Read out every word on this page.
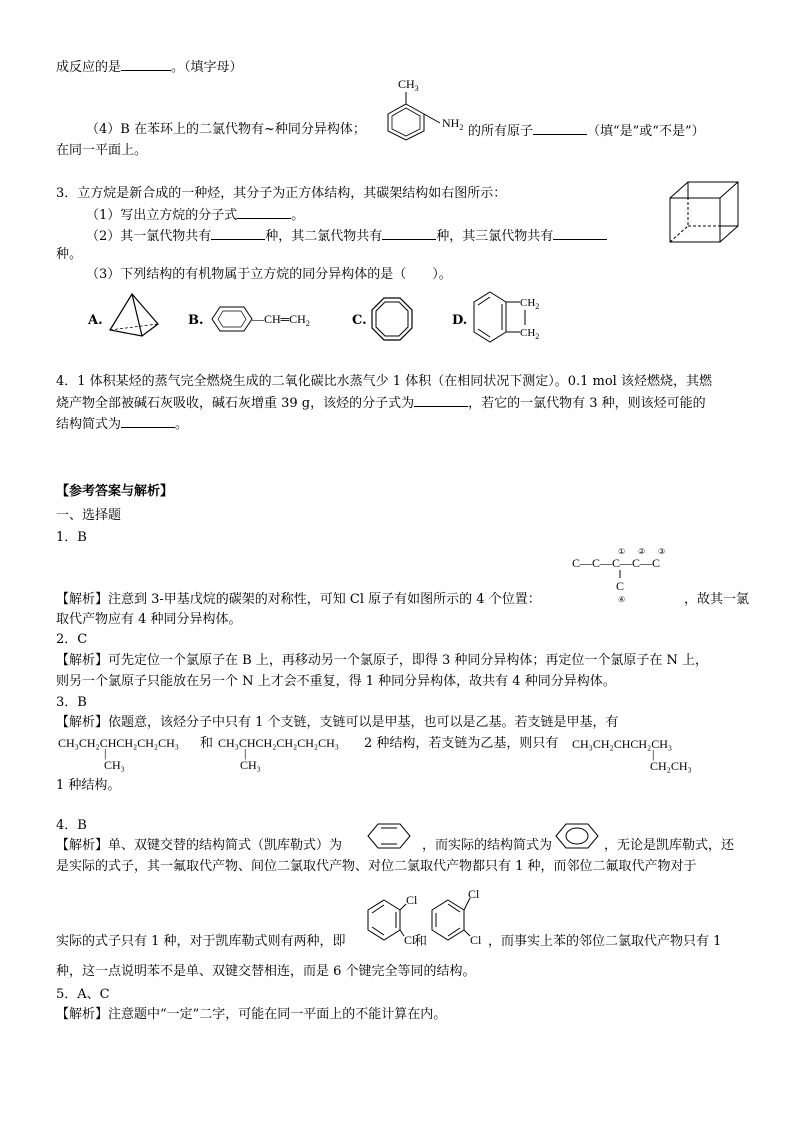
成反应的是	。（填字母）
$CH_3$
$NH_2$
（4）B 在苯环上的二氯代物有~种同分异构体；	的所有原子	（填“是”或“不是”）
在同一平面上。
3．立方烷是新合成的一种烃，其分子为正方体结构，其碳架结构如右图所示：
（1）写出立方烷的分子式	。
（2）其一氯代物共有	种，其二氯代物共有	种，其三氯代物共有
种。
（3）下列结构的有机物属于立方烷的同分异构体的是（　　）。
A.	B.	$—CH═CH_2$	C.	D.
$CH_2$
$CH_2$
4．1 体积某烃的蒸气完全燃烧生成的二氧化碳比水蒸气少 1 体积（在相同状况下测定）。0.1 mol 该烃燃烧，其燃
烧产物全部被碱石灰吸收，碱石灰增重 39 g，该烃的分子式为	，若它的一氯代物有 3 种，则该烃可能的
结构简式为	。
【参考答案与解析】
一、选择题
1．B
① ② ③
C—C—C—C—C
C
④
【解析】注意到 3-甲基戊烷的碳架的对称性，可知 Cl 原子有如图所示的 4 个位置：	，故其一氯
取代产物应有 4 种同分异构体。
2．C
【解析】可先定位一个氯原子在 B 上，再移动另一个氯原子，即得 3 种同分异构体；再定位一个氯原子在 N 上，
则另一个氯原子只能放在另一个 N 上才会不重复，得 1 种同分异构体，故共有 4 种同分异构体。
3．B
【解析】依题意，该烃分子中只有 1 个支链，支链可以是甲基，也可以是乙基。若支链是甲基，有
CH₃CH₂CHCH₂CH₂CH₃
|
CH₃
和 CH₃CHCH₂CH₂CH₂CH₃
|
CH₃
2 种结构，若支链为乙基，则只有 CH₃CH₂CHCH₂CH₃
|
CH₂CH₃
1 种结构。
4．B
【解析】单、双键交替的结构简式（凯库勒式）为	，而实际的结构简式为	，无论是凯库勒式，还
是实际的式子，其一氟取代产物、间位二氯取代产物、对位二氯取代产物都只有 1 种，而邻位二氟取代产物对于
Cl
Cl
和
Cl
Cl
实际的式子只有 1 种，对于凯库勒式则有两种，即	，而事实上苯的邻位二氯取代产物只有 1
种，这一点说明苯不是单、双键交替相连，而是 6 个键完全等同的结构。
5．A、C
【解析】注意题中“一定”二字，可能在同一平面上的不能计算在内。
